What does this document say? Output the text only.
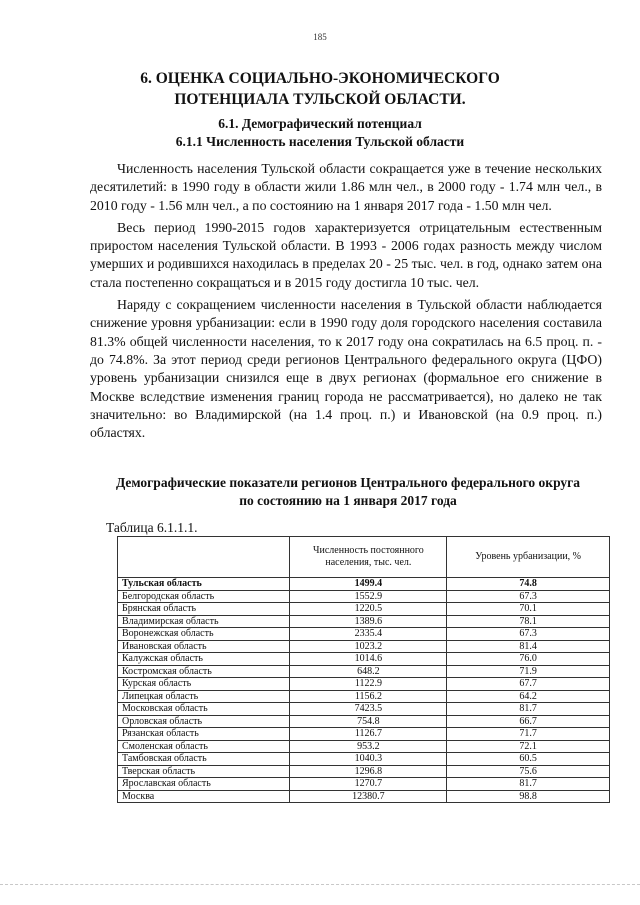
185
6. ОЦЕНКА СОЦИАЛЬНО-ЭКОНОМИЧЕСКОГО ПОТЕНЦИАЛА ТУЛЬСКОЙ ОБЛАСТИ.
6.1. Демографический потенциал
6.1.1 Численность населения Тульской области

Численность населения Тульской области сокращается уже в течение нескольких десятилетий: в 1990 году в области жили 1.86 млн чел., в 2000 году - 1.74 млн чел., в 2010 году - 1.56 млн чел., а по состоянию на 1 января 2017 года - 1.50 млн чел.

Весь период 1990-2015 годов характеризуется отрицательным естественным приростом населения Тульской области. В 1993 - 2006 годах разность между числом умерших и родившихся находилась в пределах 20 - 25 тыс. чел. в год, однако затем она стала постепенно сокращаться и в 2015 году достигла 10 тыс. чел.

Наряду с сокращением численности населения в Тульской области наблюдается снижение уровня урбанизации: если в 1990 году доля городского населения составила 81.3% общей численности населения, то к 2017 году она сократилась на 6.5 проц. п. - до 74.8%. За этот период среди регионов Центрального федерального округа (ЦФО) уровень урбанизации снизился еще в двух регионах (формальное его снижение в Москве вследствие изменения границ города не рассматривается), но далеко не так значительно: во Владимирской (на 1.4 проц. п.) и Ивановской (на 0.9 проц. п.) областях.

Демографические показатели регионов Центрального федерального округа по состоянию на 1 января 2017 года
Таблица 6.1.1.1.
	Численность постоянного населения, тыс. чел.	Уровень урбанизации, %
Тульская область	1499.4	74.8
Белгородская область	1552.9	67.3
Брянская область	1220.5	70.1
Владимирская область	1389.6	78.1
Воронежская область	2335.4	67.3
Ивановская область	1023.2	81.4
Калужская область	1014.6	76.0
Костромская область	648.2	71.9
Курская область	1122.9	67.7
Липецкая область	1156.2	64.2
Московская область	7423.5	81.7
Орловская область	754.8	66.7
Рязанская область	1126.7	71.7
Смоленская область	953.2	72.1
Тамбовская область	1040.3	60.5
Тверская область	1296.8	75.6
Ярославская область	1270.7	81.7
Москва	12380.7	98.8
